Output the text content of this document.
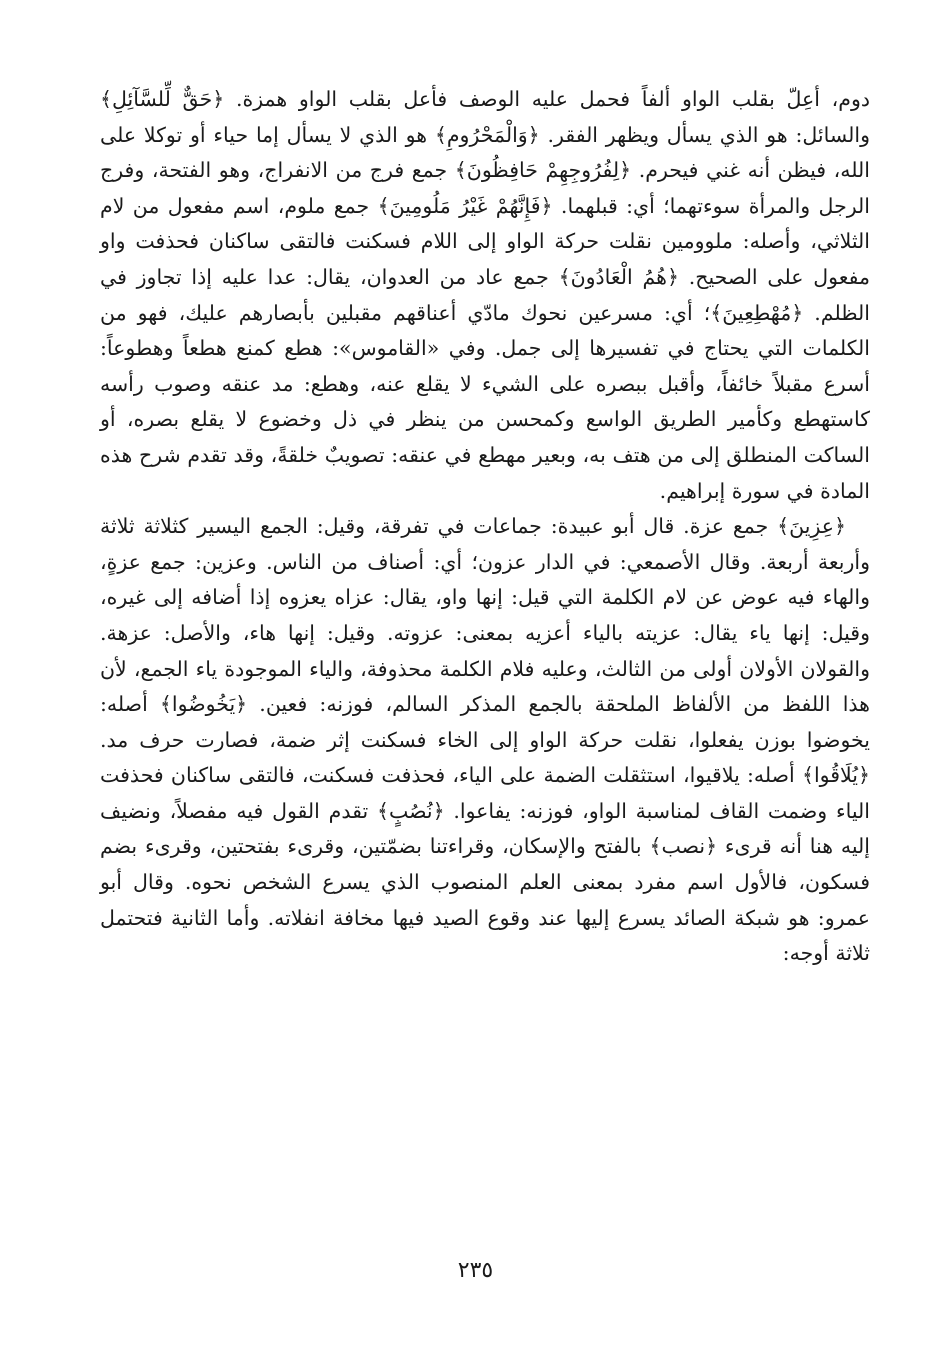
دوم، أعِلّ بقلب الواو ألفاً فحمل عليه الوصف فأعل بقلب الواو همزة. ﴿حَقٌّ لِّلسَّآئِلِ﴾ والسائل: هو الذي يسأل ويظهر الفقر. ﴿وَالْمَحْرُومِ﴾ هو الذي لا يسأل إما حياء أو توكلا على الله، فيظن أنه غني فيحرم. ﴿لِفُرُوجِهِمْ حَافِظُونَ﴾ جمع فرج من الانفراج، وهو الفتحة، وفرج الرجل والمرأة سوءتهما؛ أي: قبلهما. ﴿فَإِنَّهُمْ غَيْرُ مَلُومِينَ﴾ جمع ملوم، اسم مفعول من لام الثلاثي، وأصله: ملوومين نقلت حركة الواو إلى اللام فسكنت فالتقى ساكنان فحذفت واو مفعول على الصحيح. ﴿هُمُ الْعَادُونَ﴾ جمع عاد من العدوان، يقال: عدا عليه إذا تجاوز في الظلم. ﴿مُهْطِعِينَ﴾؛ أي: مسرعين نحوك مادّي أعناقهم مقبلين بأبصارهم عليك، فهو من الكلمات التي يحتاج في تفسيرها إلى جمل. وفي «القاموس»: هطع كمنع هطعاً وهطوعاً: أسرع مقبلاً خائفاً، وأقبل ببصره على الشيء لا يقلع عنه، وهطع: مد عنقه وصوب رأسه كاستهطع وكأمير الطريق الواسع وكمحسن من ينظر في ذل وخضوع لا يقلع بصره، أو الساكت المنطلق إلى من هتف به، وبعير مهطع في عنقه: تصويبٌ خلقةً، وقد تقدم شرح هذه المادة في سورة إبراهيم.

﴿عِزِينَ﴾ جمع عزة. قال أبو عبيدة: جماعات في تفرقة، وقيل: الجمع اليسير كثلاثة ثلاثة وأربعة أربعة. وقال الأصمعي: في الدار عزون؛ أي: أصناف من الناس. وعزين: جمع عزةٍ، والهاء فيه عوض عن لام الكلمة التي قيل: إنها واو، يقال: عزاه يعزوه إذا أضافه إلى غيره، وقيل: إنها ياء يقال: عزيته بالياء أعزيه بمعنى: عزوته. وقيل: إنها هاء، والأصل: عزهة. والقولان الأولان أولى من الثالث، وعليه فلام الكلمة محذوفة، والياء الموجودة ياء الجمع، لأن هذا اللفظ من الألفاظ الملحقة بالجمع المذكر السالم، فوزنه: فعين. ﴿يَخُوضُوا﴾ أصله: يخوضوا بوزن يفعلوا، نقلت حركة الواو إلى الخاء فسكنت إثر ضمة، فصارت حرف مد. ﴿يُلَاقُوا﴾ أصله: يلاقيوا، استثقلت الضمة على الياء، فحذفت فسكنت، فالتقى ساكنان فحذفت الياء وضمت القاف لمناسبة الواو، فوزنه: يفاعوا. ﴿نُصُبٍ﴾ تقدم القول فيه مفصلاً، ونضيف إليه هنا أنه قرىء ﴿نصب﴾ بالفتح والإسكان، وقراءتنا بضمّتين، وقرىء بفتحتين، وقرىء بضم فسكون، فالأول اسم مفرد بمعنى العلم المنصوب الذي يسرع الشخص نحوه. وقال أبو عمرو: هو شبكة الصائد يسرع إليها عند وقوع الصيد فيها مخافة انفلاته. وأما الثانية فتحتمل ثلاثة أوجه:

٢٣٥
